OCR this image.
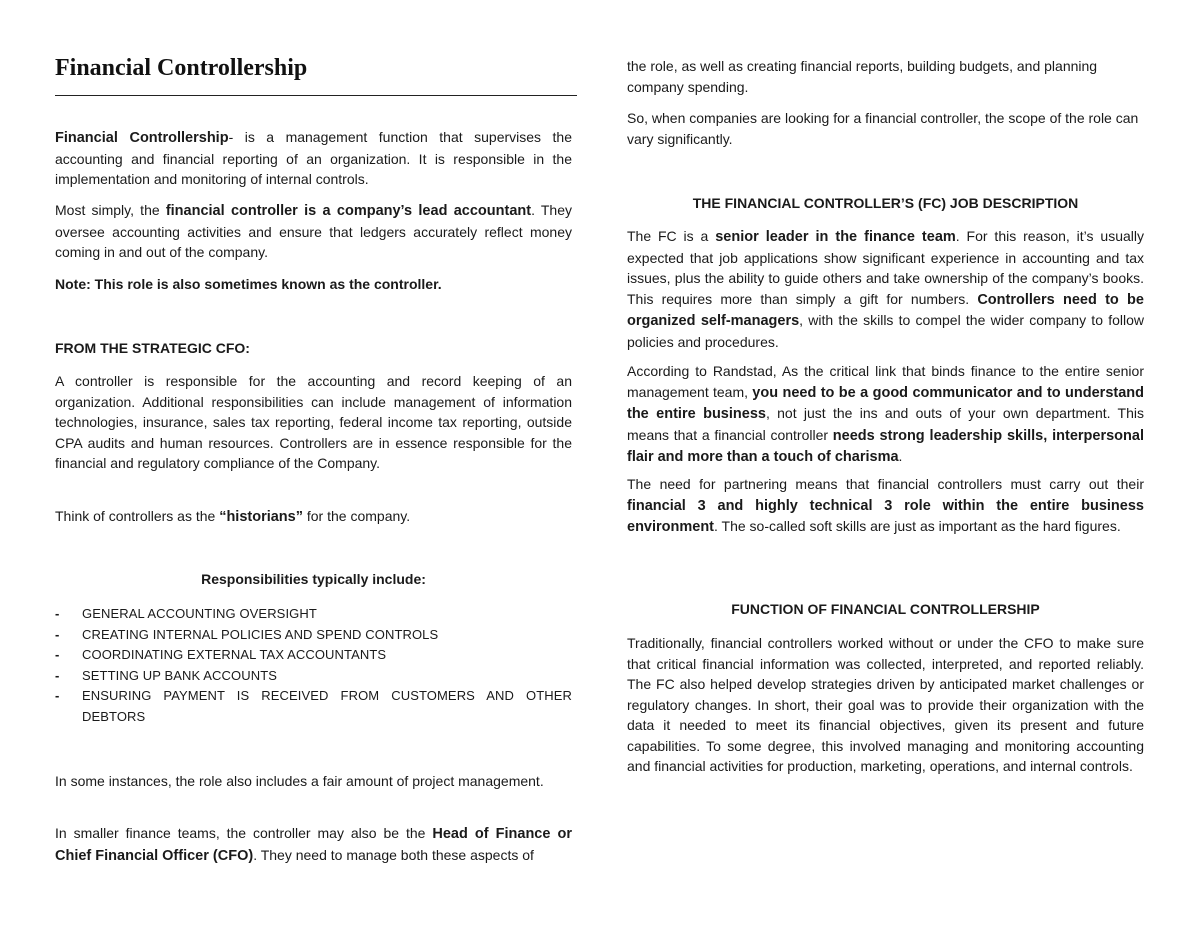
Financial Controllership

Financial Controllership- is a management function that supervises the accounting and financial reporting of an organization. It is responsible in the implementation and monitoring of internal controls.

Most simply, the financial controller is a company’s lead accountant. They oversee accounting activities and ensure that ledgers accurately reflect money coming in and out of the company.

Note: This role is also sometimes known as the controller.

FROM THE STRATEGIC CFO:

A controller is responsible for the accounting and record keeping of an organization. Additional responsibilities can include management of information technologies, insurance, sales tax reporting, federal income tax reporting, outside CPA audits and human resources. Controllers are in essence responsible for the financial and regulatory compliance of the Company.

Think of controllers as the “historians” for the company.

Responsibilities typically include:
- GENERAL ACCOUNTING OVERSIGHT
- CREATING INTERNAL POLICIES AND SPEND CONTROLS
- COORDINATING EXTERNAL TAX ACCOUNTANTS
- SETTING UP BANK ACCOUNTS
- ENSURING PAYMENT IS RECEIVED FROM CUSTOMERS AND OTHER DEBTORS

In some instances, the role also includes a fair amount of project management.

In smaller finance teams, the controller may also be the Head of Finance or Chief Financial Officer (CFO). They need to manage both these aspects of

the role, as well as creating financial reports, building budgets, and planning company spending.

So, when companies are looking for a financial controller, the scope of the role can vary significantly.

THE FINANCIAL CONTROLLER’S (FC) JOB DESCRIPTION

The FC is a senior leader in the finance team. For this reason, it’s usually expected that job applications show significant experience in accounting and tax issues, plus the ability to guide others and take ownership of the company’s books. This requires more than simply a gift for numbers. Controllers need to be organized self-managers, with the skills to compel the wider company to follow policies and procedures.

According to Randstad, As the critical link that binds finance to the entire senior management team, you need to be a good communicator and to understand the entire business, not just the ins and outs of your own department. This means that a financial controller needs strong leadership skills, interpersonal flair and more than a touch of charisma.

The need for partnering means that financial controllers must carry out their financial 3 and highly technical 3 role within the entire business environment. The so-called soft skills are just as important as the hard figures.

FUNCTION OF FINANCIAL CONTROLLERSHIP

Traditionally, financial controllers worked without or under the CFO to make sure that critical financial information was collected, interpreted, and reported reliably. The FC also helped develop strategies driven by anticipated market challenges or regulatory changes. In short, their goal was to provide their organization with the data it needed to meet its financial objectives, given its present and future capabilities. To some degree, this involved managing and monitoring accounting and financial activities for production, marketing, operations, and internal controls.
